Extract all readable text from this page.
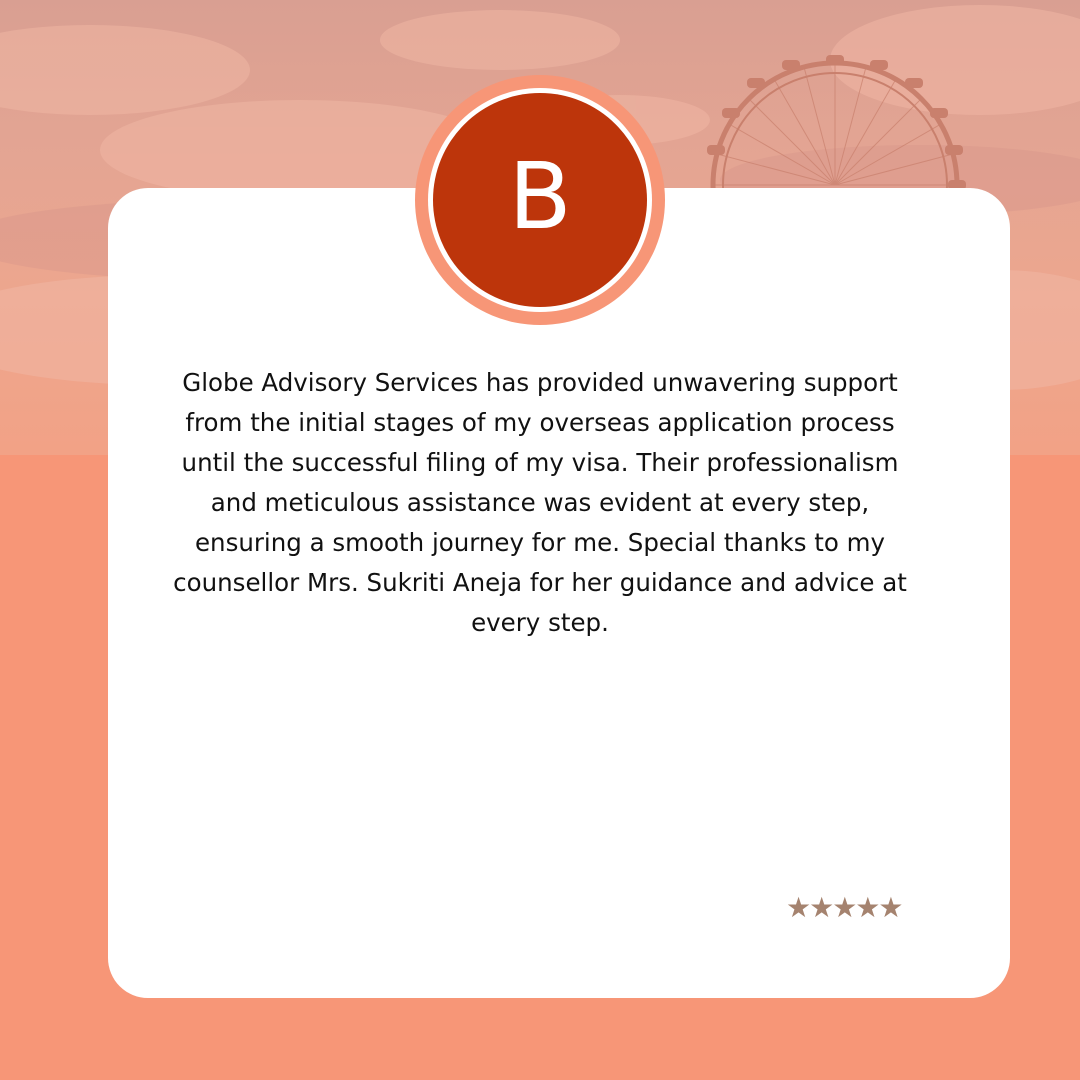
B

Globe Advisory Services has provided unwavering support from the initial stages of my overseas application process until the successful filing of my visa. Their professionalism and meticulous assistance was evident at every step, ensuring a smooth journey for me. Special thanks to my counsellor Mrs. Sukriti Aneja for her guidance and advice at every step.

★★★★★
